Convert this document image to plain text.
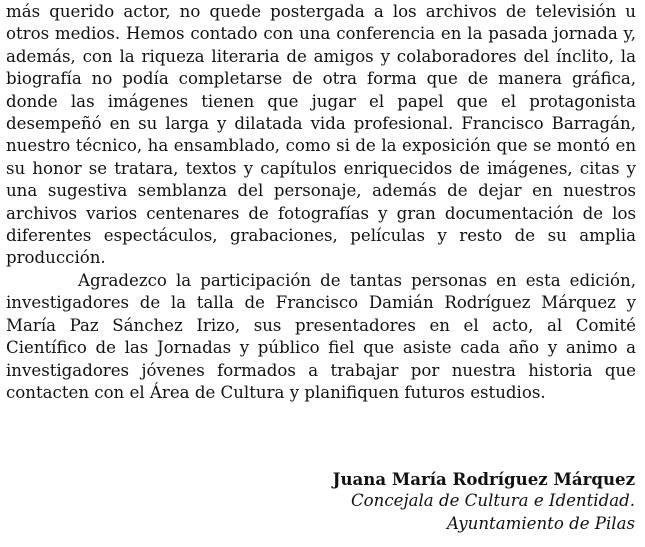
más querido actor, no quede postergada a los archivos de televisión u otros medios. Hemos contado con una conferencia en la pasada jornada y, además, con la riqueza literaria de amigos y colaboradores del ínclito, la biografía no podía completarse de otra forma que de manera gráfica, donde las imágenes tienen que jugar el papel que el protagonista desempeñó en su larga y dilatada vida profesional. Francisco Barragán, nuestro técnico, ha ensamblado, como si de la exposición que se montó en su honor se tratara, textos y capítulos enriquecidos de imágenes, citas y una sugestiva semblanza del personaje, además de dejar en nuestros archivos varios centenares de fotografías y gran documentación de los diferentes espectáculos, grabaciones, películas y resto de su amplia producción.

Agradezco la participación de tantas personas en esta edición, investigadores de la talla de Francisco Damián Rodríguez Márquez y María Paz Sánchez Irizo, sus presentadores en el acto, al Comité Científico de las Jornadas y público fiel que asiste cada año y animo a investigadores jóvenes formados a trabajar por nuestra historia que contacten con el Área de Cultura y planifiquen futuros estudios.

Juana María Rodríguez Márquez
Concejala de Cultura e Identidad.
Ayuntamiento de Pilas
